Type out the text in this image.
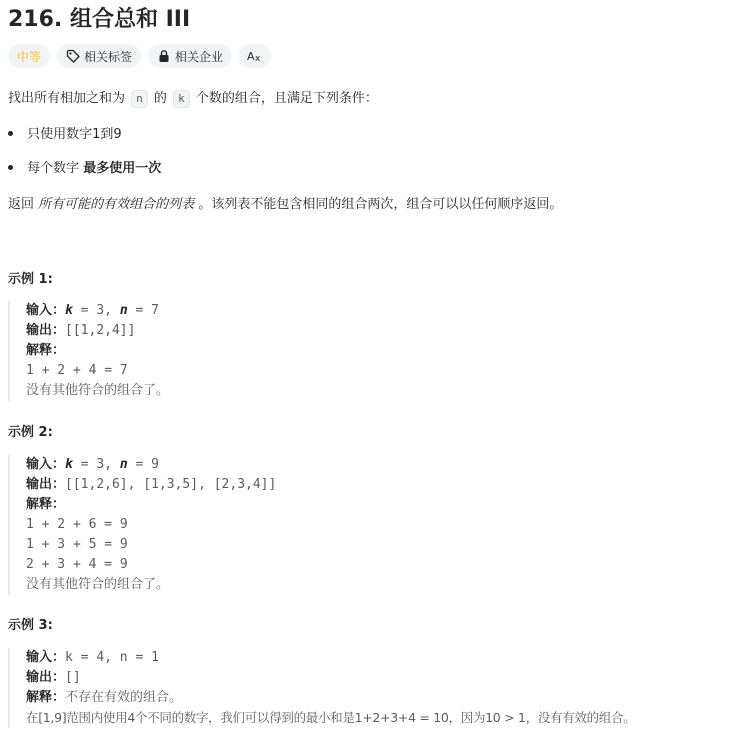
216. 组合总和 III
中等	相关标签	相关企业 A x
找出所有相加之和为 n 的 k 个数的组合，且满足下列条件：
只使用数字1到9
每个数字 最多使用一次
返回 所有可能的有效组合的列表 。该列表不能包含相同的组合两次，组合可以以任何顺序返回。
示例 1:
输入：k = 3, n = 7
输出：[[1,2,4]]
解释：
1 + 2 + 4 = 7
没有其他符合的组合了。
示例 2:
输入：k = 3, n = 9
输出：[[1,2,6], [1,3,5], [2,3,4]]
解释：
1 + 2 + 6 = 9
1 + 3 + 5 = 9
2 + 3 + 4 = 9
没有其他符合的组合了。
示例 3:
输入：k = 4, n = 1
输出：[]
解释：不存在有效的组合。
在[1,9]范围内使用4个不同的数字，我们可以得到的最小和是1+2+3+4 = 10，因为10 > 1，没有有效的组合。
